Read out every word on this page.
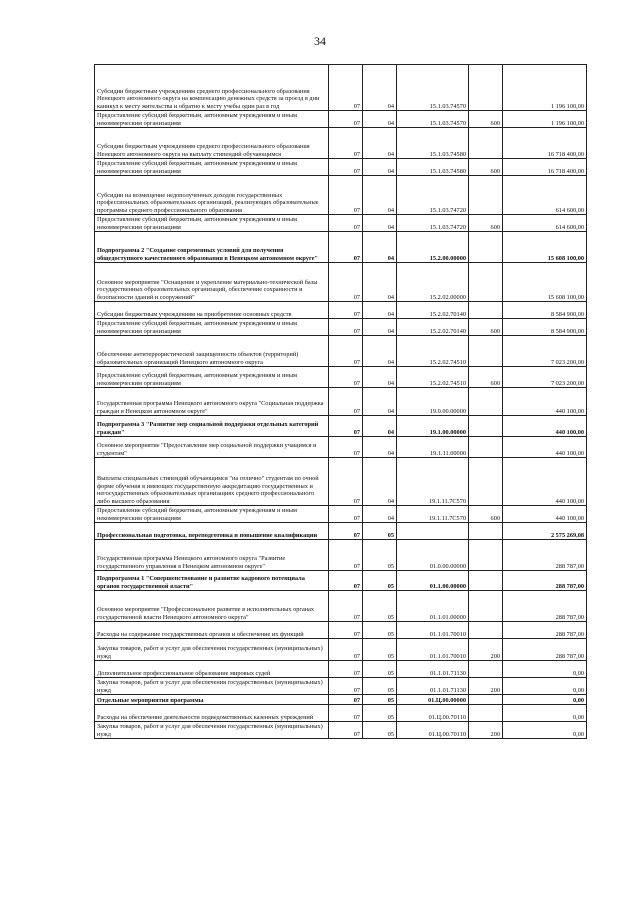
34
Субсидии бюджетным учреждениям среднего профессионального образования Ненецкого автономного округа на компенсацию денежных средств за проезд в дни каникул к месту жительства и обратно к месту учебы один раз в год	07	04	15.1.03.74570		1 196 100,00
Предоставление субсидий бюджетным, автономным учреждениям и иным некоммерческим организациям	07	04	15.1.03.74570	600	1 196 100,00
Субсидии бюджетным учреждениям среднего профессионального образования Ненецкого автономного округа на выплату стипендий обучающимся	07	04	15.1.03.74580		16 718 400,00
Предоставление субсидий бюджетным, автономным учреждениям и иным некоммерческим организациям	07	04	15.1.03.74580	600	16 718 400,00
Субсидии на возмещение недополученных доходов государственных профессиональных образовательных организаций, реализующих образовательные программы среднего профессионального образования	07	04	15.1.03.74720		614 600,00
Предоставление субсидий бюджетным, автономным учреждениям и иным некоммерческим организациям	07	04	15.1.03.74720	600	614 600,00
Подпрограмма 2 "Создание современных условий для получения общедоступного качественного образования в Ненецком автономном округе"	07	04	15.2.00.00000		15 608 100,00
Основное мероприятие "Оснащение и укрепление материально-технической базы государственных образовательных организаций, обеспечение сохранности и безопасности зданий и сооружений"	07	04	15.2.02.00000		15 608 100,00
Субсидии бюджетным учреждениям на приобретение основных средств	07	04	15.2.02.70140		8 584 900,00
Предоставление субсидий бюджетным, автономным учреждениям и иным некоммерческим организациям	07	04	15.2.02.70140	600	8 584 900,00
Обеспечение антитеррористической защищенности объектов (территорий) образовательных организаций Ненецкого автономного округа	07	04	15.2.02.74510		7 023 200,00
Предоставление субсидий бюджетным, автономным учреждениям и иным некоммерческим организациям	07	04	15.2.02.74510	600	7 023 200,00
Государственная программа Ненецкого автономного округа "Социальная поддержка граждан в Ненецком автономном округе"	07	04	19.0.00.00000		440 100,00
Подпрограмма 3 "Развитие мер социальной поддержки отдельных категорий граждан"	07	04	19.1.00.00000		440 100,00
Основное мероприятие "Предоставление мер социальной поддержки учащимся и студентам"	07	04	19.1.11.00000		440 100,00
Выплаты специальных стипендий обучающимся "на отлично" студентам по очной форме обучения в имеющих государственную аккредитацию государственных и негосударственных образовательных организациях среднего профессионального либо высшего образования	07	04	19.1.11.7С570		440 100,00
Предоставление субсидий бюджетным, автономным учреждениям и иным некоммерческим организациям	07	04	19.1.11.7С570	600	440 100,00
Профессиональная подготовка, переподготовка и повышение квалификации	07	05			2 575 269,08
Государственная программа Ненецкого автономного округа "Развитие государственного управления в Ненецком автономном округе"	07	05	01.0.00.00000		288 787,00
Подпрограмма 1 "Совершенствование и развитие кадрового потенциала органов государственной власти"	07	05	01.1.00.00000		288 787,00
Основное мероприятие "Профессиональное развитие в исполнительных органах государственной власти Ненецкого автономного округа"	07	05	01.1.01.00000		288 787,00
Расходы на содержание государственных органов и обеспечение их функций	07	05	01.1.01.70010		288 787,00
Закупка товаров, работ и услуг для обеспечения государственных (муниципальных) нужд	07	05	01.1.01.70010	200	288 787,00
Дополнительное профессиональное образование мировых судей	07	05	01.1.01.71130		0,00
Закупка товаров, работ и услуг для обеспечения государственных (муниципальных) нужд	07	05	01.1.01.71130	200	0,00
Отдельные мероприятия программы	07	05	01.Ц.00.00000		0,00
Расходы на обеспечение деятельности подведомственных казенных учреждений	07	05	01.Ц.00.70110		0,00
Закупка товаров, работ и услуг для обеспечения государственных (муниципальных) нужд	07	05	01.Ц.00.70110	200	0,00
